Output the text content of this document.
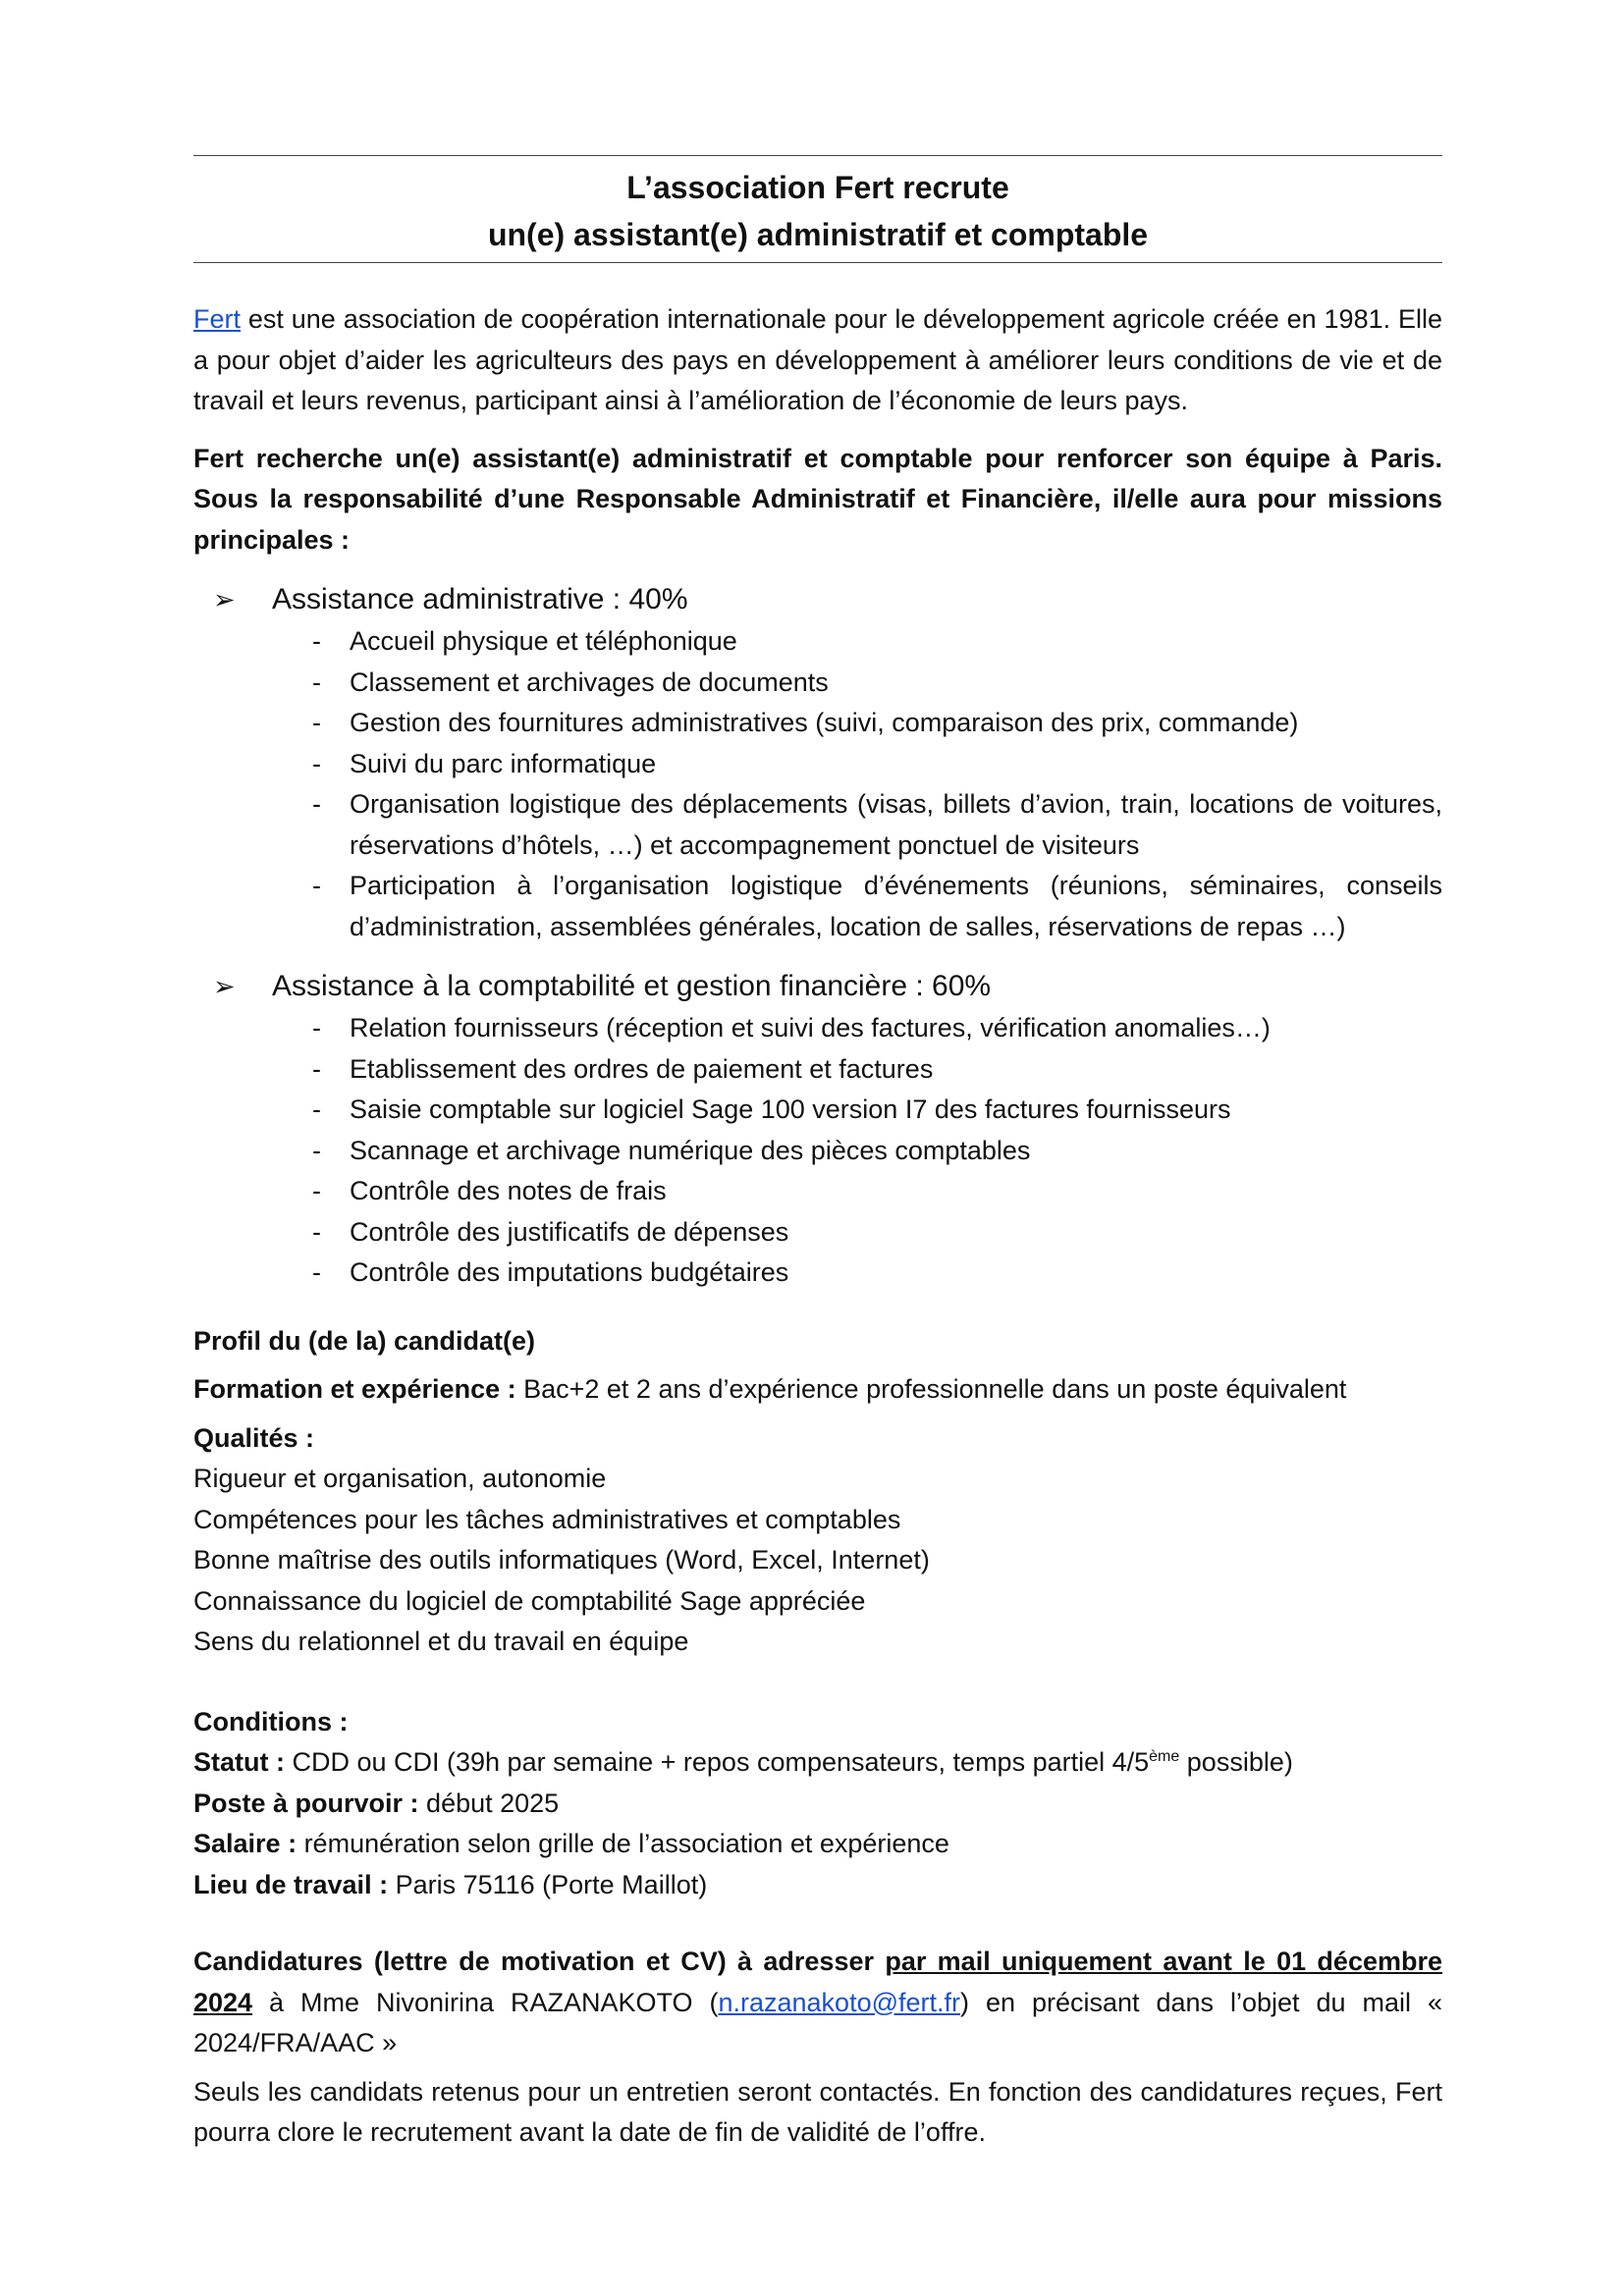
L’association Fert recrute
un(e) assistant(e) administratif et comptable

Fert est une association de coopération internationale pour le développement agricole créée en 1981. Elle a pour objet d’aider les agriculteurs des pays en développement à améliorer leurs conditions de vie et de travail et leurs revenus, participant ainsi à l’amélioration de l’économie de leurs pays.

Fert recherche un(e) assistant(e) administratif et comptable pour renforcer son équipe à Paris. Sous la responsabilité d’une Responsable Administratif et Financière, il/elle aura pour missions principales :

➢ Assistance administrative : 40%
- Accueil physique et téléphonique
- Classement et archivages de documents
- Gestion des fournitures administratives (suivi, comparaison des prix, commande)
- Suivi du parc informatique
- Organisation logistique des déplacements (visas, billets d’avion, train, locations de voitures, réservations d’hôtels, …) et accompagnement ponctuel de visiteurs
- Participation à l’organisation logistique d’événements (réunions, séminaires, conseils d’administration, assemblées générales, location de salles, réservations de repas …)
➢ Assistance à la comptabilité et gestion financière : 60%
- Relation fournisseurs (réception et suivi des factures, vérification anomalies…)
- Etablissement des ordres de paiement et factures
- Saisie comptable sur logiciel Sage 100 version I7 des factures fournisseurs
- Scannage et archivage numérique des pièces comptables
- Contrôle des notes de frais
- Contrôle des justificatifs de dépenses
- Contrôle des imputations budgétaires

Profil du (de la) candidat(e)

Formation et expérience : Bac+2 et 2 ans d’expérience professionnelle dans un poste équivalent

Qualités :

Rigueur et organisation, autonomie

Compétences pour les tâches administratives et comptables

Bonne maîtrise des outils informatiques (Word, Excel, Internet)

Connaissance du logiciel de comptabilité Sage appréciée

Sens du relationnel et du travail en équipe

Conditions :

Statut : CDD ou CDI (39h par semaine + repos compensateurs, temps partiel 4/5ème possible)

Poste à pourvoir : début 2025

Salaire : rémunération selon grille de l’association et expérience

Lieu de travail : Paris 75116 (Porte Maillot)

Candidatures (lettre de motivation et CV) à adresser par mail uniquement avant le 01 décembre 2024 à Mme Nivonirina RAZANAKOTO (n.razanakoto@fert.fr) en précisant dans l’objet du mail « 2024/FRA/AAC »

Seuls les candidats retenus pour un entretien seront contactés. En fonction des candidatures reçues, Fert pourra clore le recrutement avant la date de fin de validité de l’offre.
